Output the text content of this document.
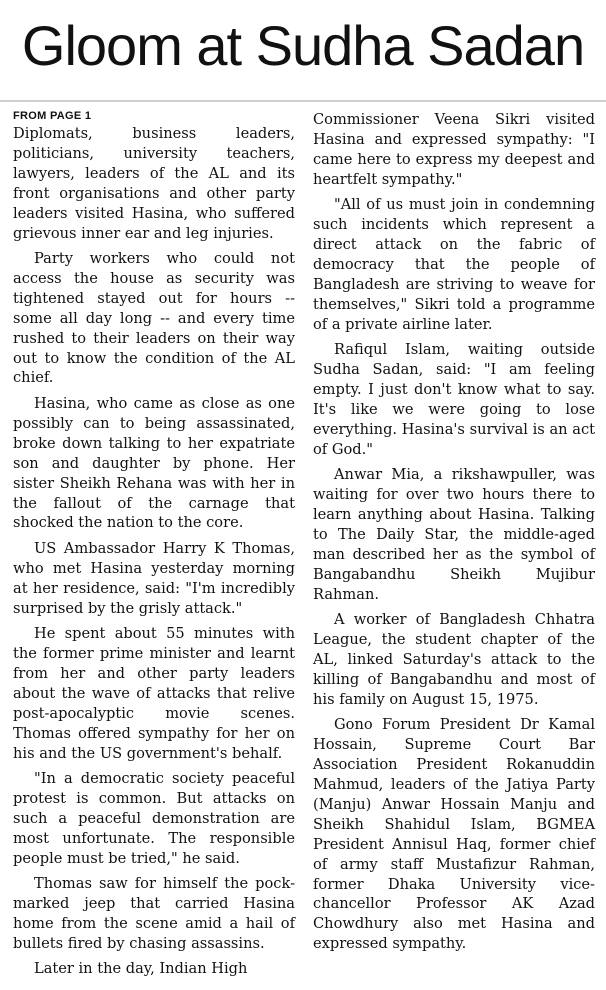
Gloom at Sudha Sadan
FROM PAGE 1

Diplomats, business leaders, politicians, university teachers, lawyers, leaders of the AL and its front organisations and other party leaders visited Hasina, who suffered grievous inner ear and leg injuries.

Party workers who could not access the house as security was tightened stayed out for hours -- some all day long -- and every time rushed to their leaders on their way out to know the condition of the AL chief.

Hasina, who came as close as one possibly can to being assassinated, broke down talking to her expatriate son and daughter by phone. Her sister Sheikh Rehana was with her in the fallout of the carnage that shocked the nation to the core.

US Ambassador Harry K Thomas, who met Hasina yesterday morning at her residence, said: "I'm incredibly surprised by the grisly attack."

He spent about 55 minutes with the former prime minister and learnt from her and other party leaders about the wave of attacks that relive post-apocalyptic movie scenes. Thomas offered sympathy for her on his and the US government's behalf.

"In a democratic society peaceful protest is common. But attacks on such a peaceful demonstration are most unfortunate. The responsible people must be tried," he said.

Thomas saw for himself the pock-marked jeep that carried Hasina home from the scene amid a hail of bullets fired by chasing assassins.

Later in the day, Indian High

Commissioner Veena Sikri visited Hasina and expressed sympathy: "I came here to express my deepest and heartfelt sympathy."

"All of us must join in condemning such incidents which represent a direct attack on the fabric of democracy that the people of Bangladesh are striving to weave for themselves," Sikri told a programme of a private airline later.

Rafiqul Islam, waiting outside Sudha Sadan, said: "I am feeling empty. I just don't know what to say. It's like we were going to lose everything. Hasina's survival is an act of God."

Anwar Mia, a rikshawpuller, was waiting for over two hours there to learn anything about Hasina. Talking to The Daily Star, the middle-aged man described her as the symbol of Bangabandhu Sheikh Mujibur Rahman.

A worker of Bangladesh Chhatra League, the student chapter of the AL, linked Saturday's attack to the killing of Bangabandhu and most of his family on August 15, 1975.

Gono Forum President Dr Kamal Hossain, Supreme Court Bar Association President Rokanuddin Mahmud, leaders of the Jatiya Party (Manju) Anwar Hossain Manju and Sheikh Shahidul Islam, BGMEA President Annisul Haq, former chief of army staff Mustafizur Rahman, former Dhaka University vice-chancellor Professor AK Azad Chowdhury also met Hasina and expressed sympathy.
